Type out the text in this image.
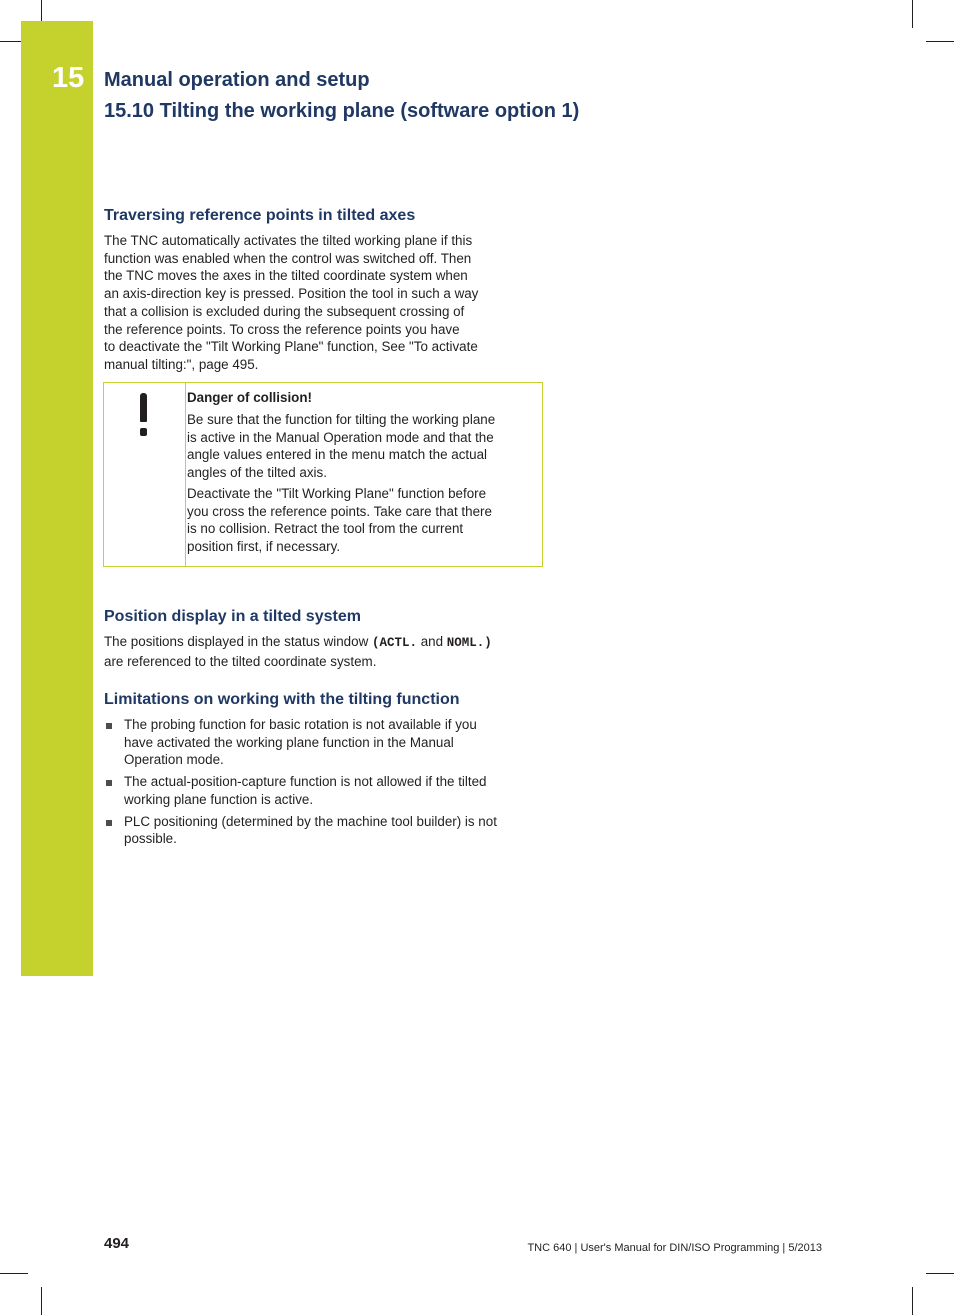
15 Manual operation and setup
15.10 Tilting the working plane (software option 1)
Traversing reference points in tilted axes

The TNC automatically activates the tilted working plane if this
function was enabled when the control was switched off. Then
the TNC moves the axes in the tilted coordinate system when
an axis-direction key is pressed. Position the tool in such a way
that a collision is excluded during the subsequent crossing of
the reference points. To cross the reference points you have
to deactivate the "Tilt Working Plane" function, See "To activate
manual tilting:", page 495.

Danger of collision!

Be sure that the function for tilting the working plane
is active in the Manual Operation mode and that the
angle values entered in the menu match the actual
angles of the tilted axis.

Deactivate the "Tilt Working Plane" function before
you cross the reference points. Take care that there
is no collision. Retract the tool from the current
position first, if necessary.

Position display in a tilted system

The positions displayed in the status window (ACTL. and NOML.)
are referenced to the tilted coordinate system.

Limitations on working with the tilting function
The probing function for basic rotation is not available if you
have activated the working plane function in the Manual
Operation mode.
The actual-position-capture function is not allowed if the tilted
working plane function is active.
PLC positioning (determined by the machine tool builder) is not
possible.
494	TNC 640 | User's Manual for DIN/ISO Programming | 5/2013
